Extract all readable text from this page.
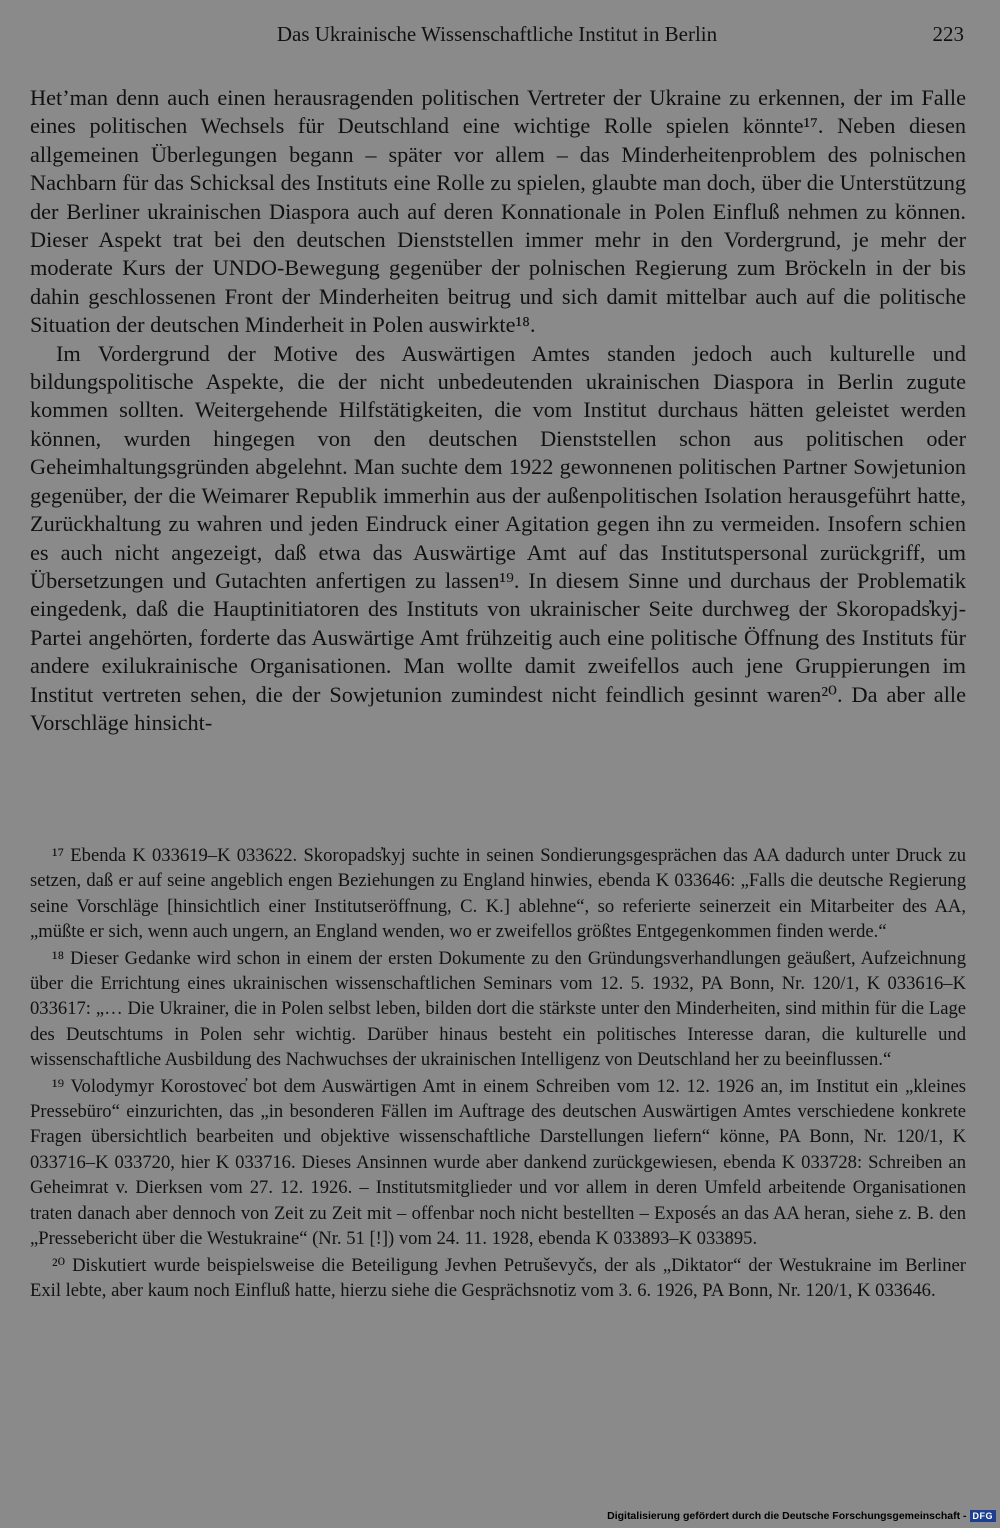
Das Ukrainische Wissenschaftliche Institut in Berlin	223

Het’man denn auch einen herausragenden politischen Vertreter der Ukraine zu erkennen, der im Falle eines politischen Wechsels für Deutschland eine wichtige Rolle spielen könnte¹⁷. Neben diesen allgemeinen Überlegungen begann – später vor allem – das Minderheitenproblem des polnischen Nachbarn für das Schicksal des Instituts eine Rolle zu spielen, glaubte man doch, über die Unterstützung der Berliner ukrainischen Diaspora auch auf deren Konnationale in Polen Einfluß nehmen zu können. Dieser Aspekt trat bei den deutschen Dienststellen immer mehr in den Vordergrund, je mehr der moderate Kurs der UNDO-Bewegung gegenüber der polnischen Regierung zum Bröckeln in der bis dahin geschlossenen Front der Minderheiten beitrug und sich damit mittelbar auch auf die politische Situation der deutschen Minderheit in Polen auswirkte¹⁸.

Im Vordergrund der Motive des Auswärtigen Amtes standen jedoch auch kulturelle und bildungspolitische Aspekte, die der nicht unbedeutenden ukrainischen Diaspora in Berlin zugute kommen sollten. Weitergehende Hilfstätigkeiten, die vom Institut durchaus hätten geleistet werden können, wurden hingegen von den deutschen Dienststellen schon aus politischen oder Geheimhaltungsgründen abgelehnt. Man suchte dem 1922 gewonnenen politischen Partner Sowjetunion gegenüber, der die Weimarer Republik immerhin aus der außenpolitischen Isolation herausgeführt hatte, Zurückhaltung zu wahren und jeden Eindruck einer Agitation gegen ihn zu vermeiden. Insofern schien es auch nicht angezeigt, daß etwa das Auswärtige Amt auf das Institutspersonal zurückgriff, um Übersetzungen und Gutachten anfertigen zu lassen¹⁹. In diesem Sinne und durchaus der Problematik eingedenk, daß die Hauptinitiatoren des Instituts von ukrainischer Seite durchweg der Skoropads̓kyj-Partei angehörten, forderte das Auswärtige Amt frühzeitig auch eine politische Öffnung des Instituts für andere exilukrainische Organisationen. Man wollte damit zweifellos auch jene Gruppierungen im Institut vertreten sehen, die der Sowjetunion zumindest nicht feindlich gesinnt waren²⁰. Da aber alle Vorschläge hinsicht-

¹⁷ Ebenda K 033619–K 033622. Skoropads̓kyj suchte in seinen Sondierungsgesprächen das AA dadurch unter Druck zu setzen, daß er auf seine angeblich engen Beziehungen zu England hinwies, ebenda K 033646: „Falls die deutsche Regierung seine Vorschläge [hinsichtlich einer Institutseröffnung, C. K.] ablehne“, so referierte seinerzeit ein Mitarbeiter des AA, „müßte er sich, wenn auch ungern, an England wenden, wo er zweifellos größtes Entgegenkommen finden werde.“

¹⁸ Dieser Gedanke wird schon in einem der ersten Dokumente zu den Gründungsverhandlungen geäußert, Aufzeichnung über die Errichtung eines ukrainischen wissenschaftlichen Seminars vom 12. 5. 1932, PA Bonn, Nr. 120/1, K 033616–K 033617: „… Die Ukrainer, die in Polen selbst leben, bilden dort die stärkste unter den Minderheiten, sind mithin für die Lage des Deutschtums in Polen sehr wichtig. Darüber hinaus besteht ein politisches Interesse daran, die kulturelle und wissenschaftliche Ausbildung des Nachwuchses der ukrainischen Intelligenz von Deutschland her zu beeinflussen.“

¹⁹ Volodymyr Korostovec̓ bot dem Auswärtigen Amt in einem Schreiben vom 12. 12. 1926 an, im Institut ein „kleines Pressebüro“ einzurichten, das „in besonderen Fällen im Auftrage des deutschen Auswärtigen Amtes verschiedene konkrete Fragen übersichtlich bearbeiten und objektive wissenschaftliche Darstellungen liefern“ könne, PA Bonn, Nr. 120/1, K 033716–K 033720, hier K 033716. Dieses Ansinnen wurde aber dankend zurückgewiesen, ebenda K 033728: Schreiben an Geheimrat v. Dierksen vom 27. 12. 1926. – Institutsmitglieder und vor allem in deren Umfeld arbeitende Organisationen traten danach aber dennoch von Zeit zu Zeit mit – offenbar noch nicht bestellten – Exposés an das AA heran, siehe z. B. den „Pressebericht über die Westukraine“ (Nr. 51 [!]) vom 24. 11. 1928, ebenda K 033893–K 033895.

²⁰ Diskutiert wurde beispielsweise die Beteiligung Jevhen Petruševyčs, der als „Diktator“ der Westukraine im Berliner Exil lebte, aber kaum noch Einfluß hatte, hierzu siehe die Gesprächsnotiz vom 3. 6. 1926, PA Bonn, Nr. 120/1, K 033646.

Digitalisierung gefördert durch die Deutsche Forschungsgemeinschaft - DFG
